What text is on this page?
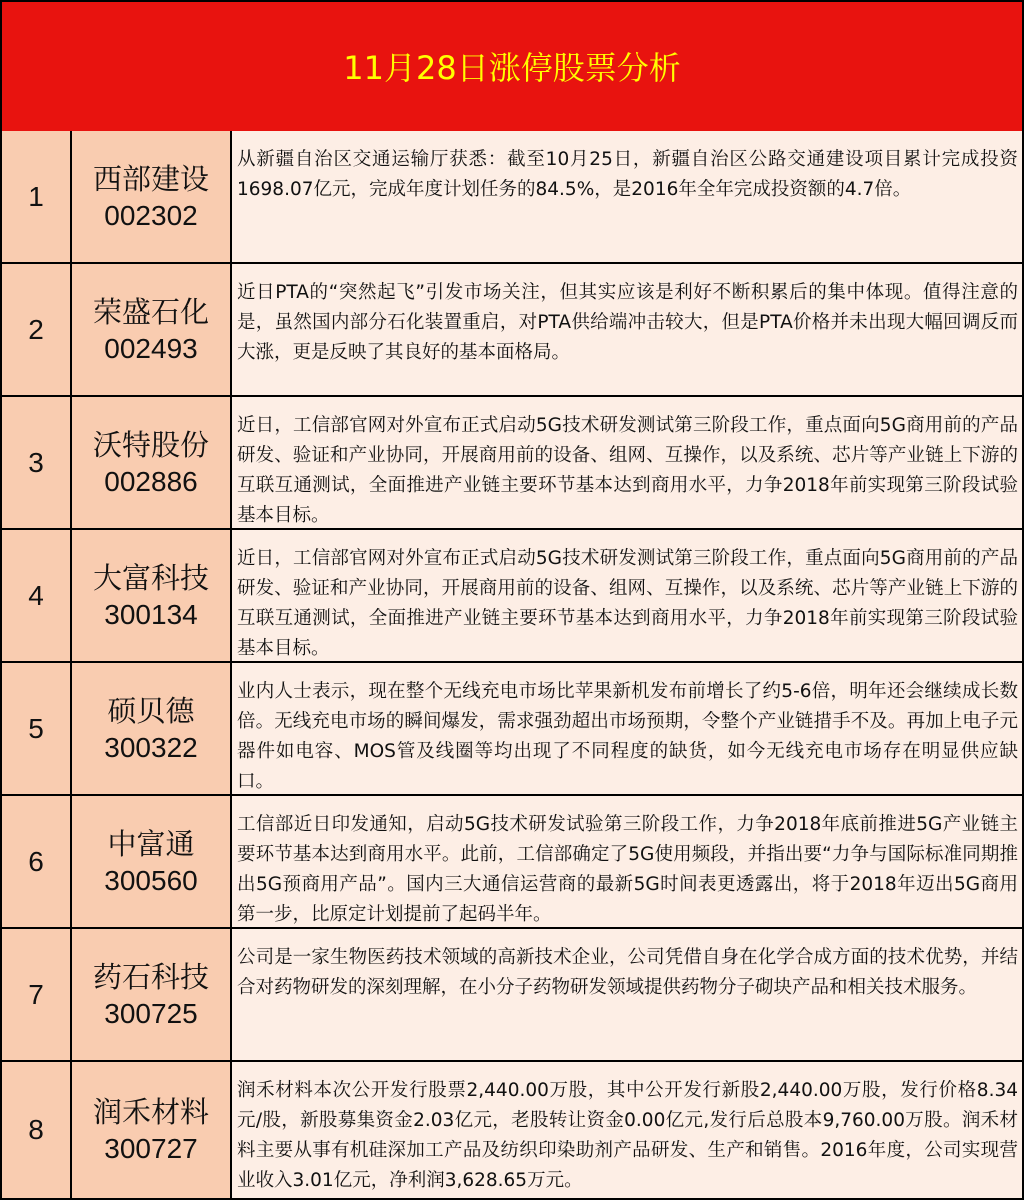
11月28日涨停股票分析
1
西部建设
002302
从新疆自治区交通运输厅获悉：截至10月25日，新疆自治区公路交通建设项目累计完成投资1698.07亿元，完成年度计划任务的84.5%，是2016年全年完成投资额的4.7倍。
2
荣盛石化
002493
近日PTA的“突然起飞”引发市场关注，但其实应该是利好不断积累后的集中体现。值得注意的是，虽然国内部分石化装置重启，对PTA供给端冲击较大，但是PTA价格并未出现大幅回调反而大涨，更是反映了其良好的基本面格局。
3
沃特股份
002886
近日，工信部官网对外宣布正式启动5G技术研发测试第三阶段工作，重点面向5G商用前的产品研发、验证和产业协同，开展商用前的设备、组网、互操作，以及系统、芯片等产业链上下游的互联互通测试，全面推进产业链主要环节基本达到商用水平，力争2018年前实现第三阶段试验基本目标。
4
大富科技
300134
近日，工信部官网对外宣布正式启动5G技术研发测试第三阶段工作，重点面向5G商用前的产品研发、验证和产业协同，开展商用前的设备、组网、互操作，以及系统、芯片等产业链上下游的互联互通测试，全面推进产业链主要环节基本达到商用水平，力争2018年前实现第三阶段试验基本目标。
5
硕贝德
300322
业内人士表示，现在整个无线充电市场比苹果新机发布前增长了约5-6倍，明年还会继续成长数倍。无线充电市场的瞬间爆发，需求强劲超出市场预期，令整个产业链措手不及。再加上电子元器件如电容、MOS管及线圈等均出现了不同程度的缺货，如今无线充电市场存在明显供应缺口。
6
中富通
300560
工信部近日印发通知，启动5G技术研发试验第三阶段工作，力争2018年底前推进5G产业链主要环节基本达到商用水平。此前，工信部确定了5G使用频段，并指出要“力争与国际标准同期推出5G预商用产品”。国内三大通信运营商的最新5G时间表更透露出，将于2018年迈出5G商用第一步，比原定计划提前了起码半年。
7
药石科技
300725
公司是一家生物医药技术领域的高新技术企业，公司凭借自身在化学合成方面的技术优势，并结合对药物研发的深刻理解，在小分子药物研发领域提供药物分子砌块产品和相关技术服务。
8
润禾材料
300727
润禾材料本次公开发行股票2,440.00万股，其中公开发行新股2,440.00万股，发行价格8.34元/股，新股募集资金2.03亿元，老股转让资金0.00亿元,发行后总股本9,760.00万股。润禾材料主要从事有机硅深加工产品及纺织印染助剂产品研发、生产和销售。2016年度，公司实现营业收入3.01亿元，净利润3,628.65万元。
